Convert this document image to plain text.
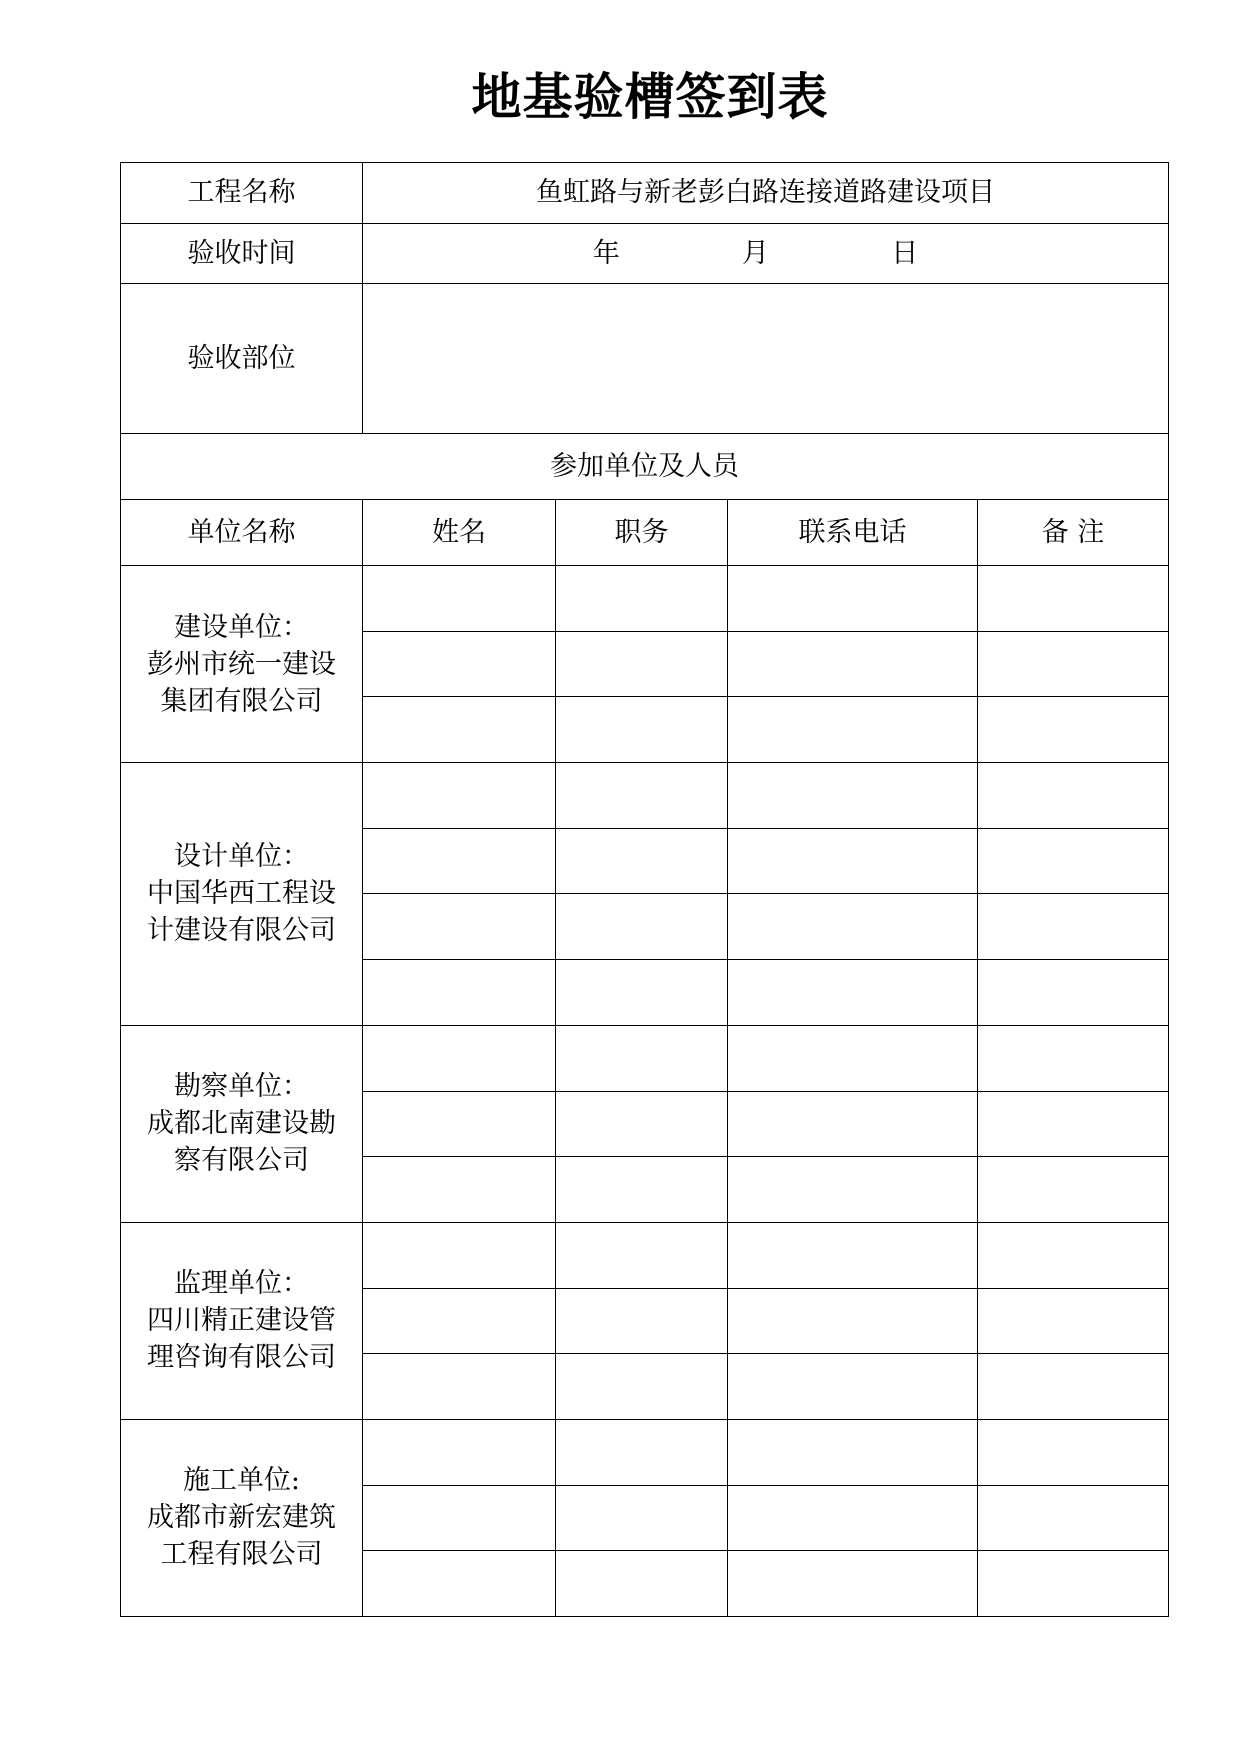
地基验槽签到表
工程名称	鱼虹路与新老彭白路连接道路建设项目			
验收时间	年 月 日			
验收部位				
参加单位及人员				
单位名称	姓名	职务	联系电话	备 注

建设单位：
彭州市统一建设
集团有限公司				

设计单位：
中国华西工程设
计建设有限公司				

勘察单位：
成都北南建设勘
察有限公司				

监理单位：
四川精正建设管
理咨询有限公司				

施工单位:
成都市新宏建筑
工程有限公司				
